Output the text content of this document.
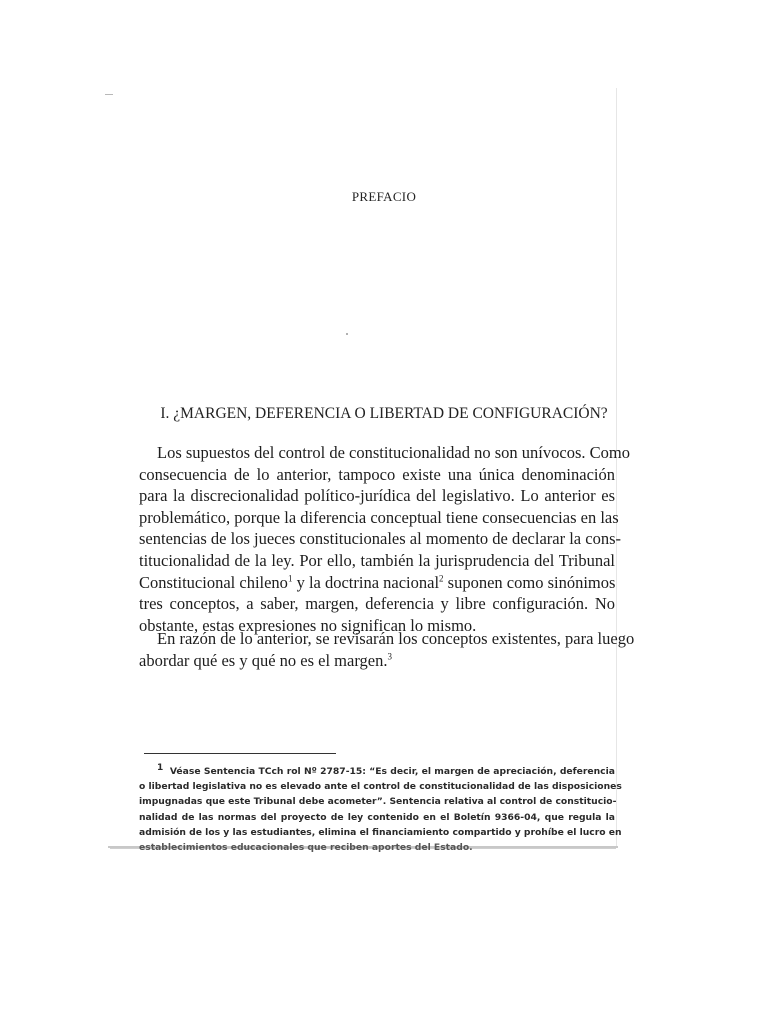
PREFACIO
I. ¿MARGEN, DEFERENCIA O LIBERTAD DE CONFIGURACIÓN?
Los supuestos del control de constitucionalidad no son unívocos. Como
consecuencia de lo anterior, tampoco existe una única denominación
para la discrecionalidad político-jurídica del legislativo. Lo anterior es
problemático, porque la diferencia conceptual tiene consecuencias en las
sentencias de los jueces constitucionales al momento de declarar la cons-
titucionalidad de la ley. Por ello, también la jurisprudencia del Tribunal
Constitucional chileno$^1$ y la doctrina nacional$^2$ suponen como sinónimos
tres conceptos, a saber, margen, deferencia y libre configuración. No
obstante, estas expresiones no significan lo mismo.
En razón de lo anterior, se revisarán los conceptos existentes, para luego
abordar qué es y qué no es el margen.$^3$
$^1$ Véase Sentencia TCch rol Nº 2787-15: “Es decir, el margen de apreciación, deferencia
o libertad legislativa no es elevado ante el control de constitucionalidad de las disposiciones
impugnadas que este Tribunal debe acometer”. Sentencia relativa al control de constitucio-
nalidad de las normas del proyecto de ley contenido en el Boletín 9366-04, que regula la
admisión de los y las estudiantes, elimina el financiamiento compartido y prohíbe el lucro en
establecimientos educacionales que reciben aportes del Estado.
